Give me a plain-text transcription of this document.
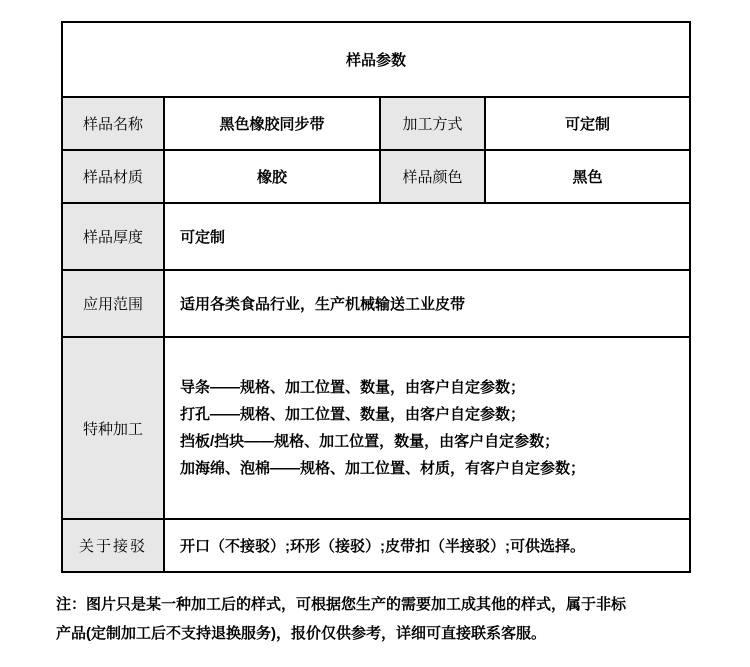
样品参数			
样品名称	黑色橡胶同步带	加工方式	可定制
样品材质	橡胶	样品颜色	黑色
样品厚度	可定制		
应用范围	适用各类食品行业，生产机械输送工业皮带		
特种加工	导条——规格、加工位置、数量，由客户自定参数；
打孔——规格、加工位置、数量，由客户自定参数；
挡板/挡块——规格、加工位置，数量，由客户自定参数；
加海绵、泡棉——规格、加工位置、材质，有客户自定参数；		

关于接驳	开口（不接驳）;环形（接驳）;皮带扣（半接驳）;可供选择。		
注：图片只是某一种加工后的样式，可根据您生产的需要加工成其他的样式，属于非标
产品(定制加工后不支持退换服务)，报价仅供参考，详细可直接联系客服。
